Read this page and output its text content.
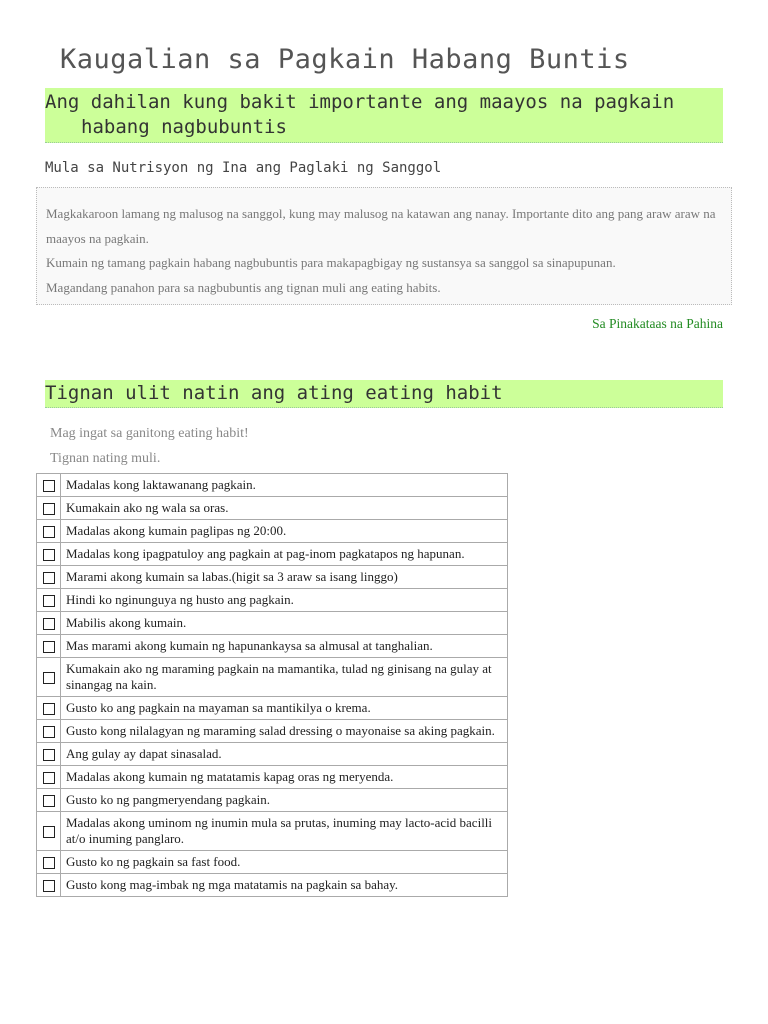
Kaugalian sa Pagkain Habang Buntis
Ang dahilan kung bakit importante ang maayos na pagkain
habang nagbubuntis
Mula sa Nutrisyon ng Ina ang Paglaki ng Sanggol

Magkakaroon lamang ng malusog na sanggol, kung may malusog na katawan ang nanay. Importante dito ang pang araw araw na maayos na pagkain.

Kumain ng tamang pagkain habang nagbubuntis para makapagbigay ng sustansya sa sanggol sa sinapupunan.

Magandang panahon para sa nagbubuntis ang tignan muli ang eating habits.

Sa Pinakataas na Pahina
Tignan ulit natin ang ating eating habit
Mag ingat sa ganitong eating habit!
Tignan nating muli.
	Madalas kong laktawanang pagkain.
	Kumakain ako ng wala sa oras.
	Madalas akong kumain paglipas ng 20:00.
	Madalas kong ipagpatuloy ang pagkain at pag-inom pagkatapos ng hapunan.
	Marami akong kumain sa labas.(higit sa 3 araw sa isang linggo)
	Hindi ko nginunguya ng husto ang pagkain.
	Mabilis akong kumain.
	Mas marami akong kumain ng hapunankaysa sa almusal at tanghalian.
	Kumakain ako ng maraming pagkain na mamantika, tulad ng ginisang na gulay at sinangag na kain.
	Gusto ko ang pagkain na mayaman sa mantikilya o krema.
	Gusto kong nilalagyan ng maraming salad dressing o mayonaise sa aking pagkain.
	Ang gulay ay dapat sinasalad.
	Madalas akong kumain ng matatamis kapag oras ng meryenda.
	Gusto ko ng pangmeryendang pagkain.
	Madalas akong uminom ng inumin mula sa prutas, inuming may lacto-acid bacilli at/o inuming panglaro.
	Gusto ko ng pagkain sa fast food.
	Gusto kong mag-imbak ng mga matatamis na pagkain sa bahay.
